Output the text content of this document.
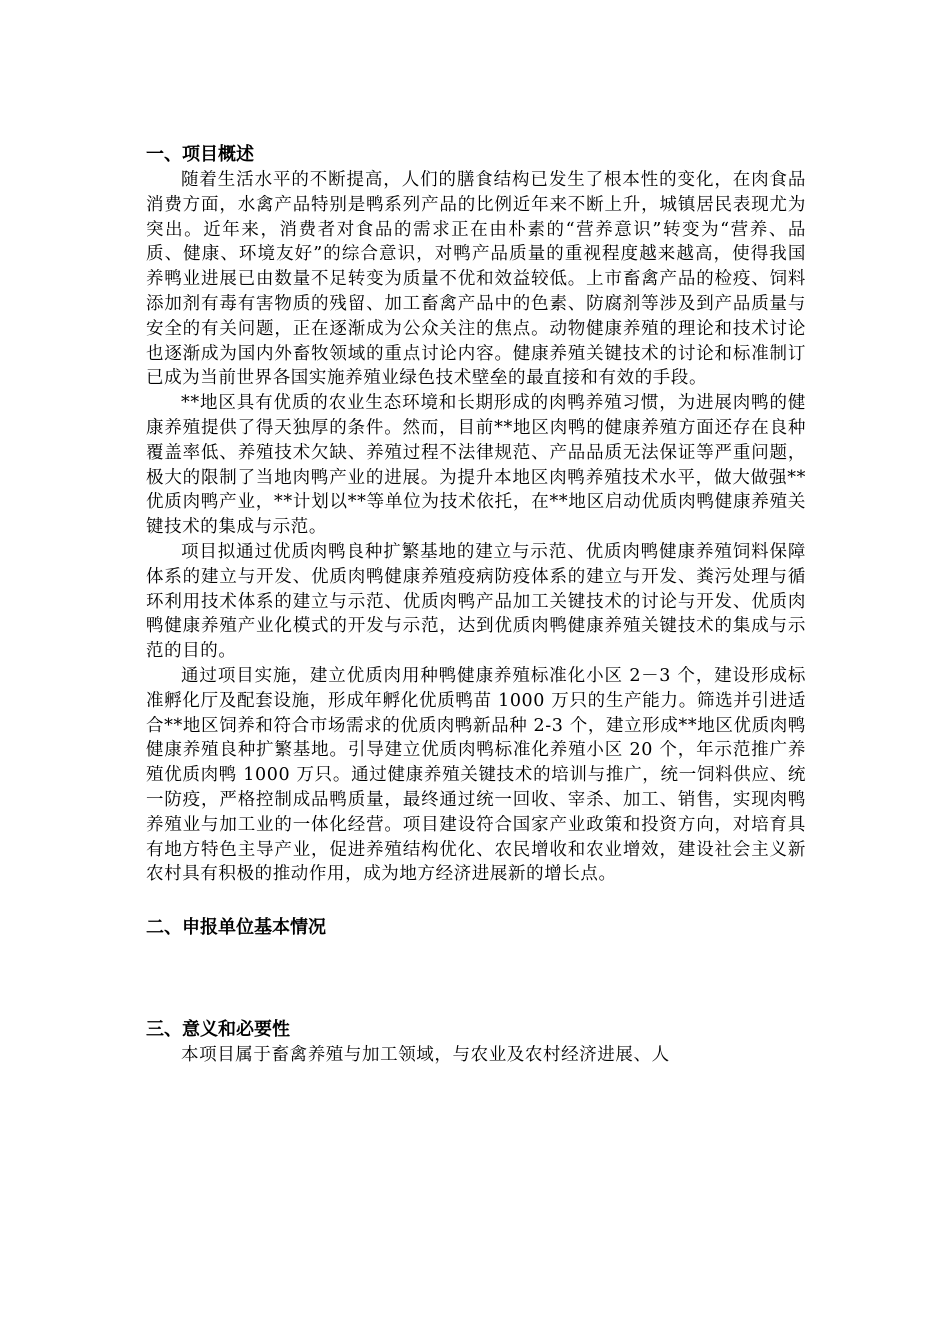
一、项目概述

随着生活水平的不断提高，人们的膳食结构已发生了根本性的变化，在肉食品消费方面，水禽产品特别是鸭系列产品的比例近年来不断上升，城镇居民表现尤为突出。近年来，消费者对食品的需求正在由朴素的“营养意识”转变为“营养、品质、健康、环境友好”的综合意识，对鸭产品质量的重视程度越来越高，使得我国养鸭业进展已由数量不足转变为质量不优和效益较低。上市畜禽产品的检疫、饲料添加剂有毒有害物质的残留、加工畜禽产品中的色素、防腐剂等涉及到产品质量与安全的有关问题，正在逐渐成为公众关注的焦点。动物健康养殖的理论和技术讨论也逐渐成为国内外畜牧领域的重点讨论内容。健康养殖关键技术的讨论和标准制订已成为当前世界各国实施养殖业绿色技术壁垒的最直接和有效的手段。

**地区具有优质的农业生态环境和长期形成的肉鸭养殖习惯，为进展肉鸭的健康养殖提供了得天独厚的条件。然而，目前**地区肉鸭的健康养殖方面还存在良种覆盖率低、养殖技术欠缺、养殖过程不法律规范、产品品质无法保证等严重问题，极大的限制了当地肉鸭产业的进展。为提升本地区肉鸭养殖技术水平，做大做强**优质肉鸭产业，**计划以**等单位为技术依托，在**地区启动优质肉鸭健康养殖关键技术的集成与示范。

项目拟通过优质肉鸭良种扩繁基地的建立与示范、优质肉鸭健康养殖饲料保障体系的建立与开发、优质肉鸭健康养殖疫病防疫体系的建立与开发、粪污处理与循环利用技术体系的建立与示范、优质肉鸭产品加工关键技术的讨论与开发、优质肉鸭健康养殖产业化模式的开发与示范，达到优质肉鸭健康养殖关键技术的集成与示范的目的。

通过项目实施，建立优质肉用种鸭健康养殖标准化小区 2－3 个，建设形成标准孵化厅及配套设施，形成年孵化优质鸭苗 1000 万只的生产能力。筛选并引进适合**地区饲养和符合市场需求的优质肉鸭新品种 2-3 个，建立形成**地区优质肉鸭健康养殖良种扩繁基地。引导建立优质肉鸭标准化养殖小区 20 个，年示范推广养殖优质肉鸭 1000 万只。通过健康养殖关键技术的培训与推广，统一饲料供应、统一防疫，严格控制成品鸭质量，最终通过统一回收、宰杀、加工、销售，实现肉鸭养殖业与加工业的一体化经营。项目建设符合国家产业政策和投资方向，对培育具有地方特色主导产业，促进养殖结构优化、农民增收和农业增效，建设社会主义新农村具有积极的推动作用，成为地方经济进展新的增长点。

二、申报单位基本情况
三、意义和必要性

本项目属于畜禽养殖与加工领域，与农业及农村经济进展、人
